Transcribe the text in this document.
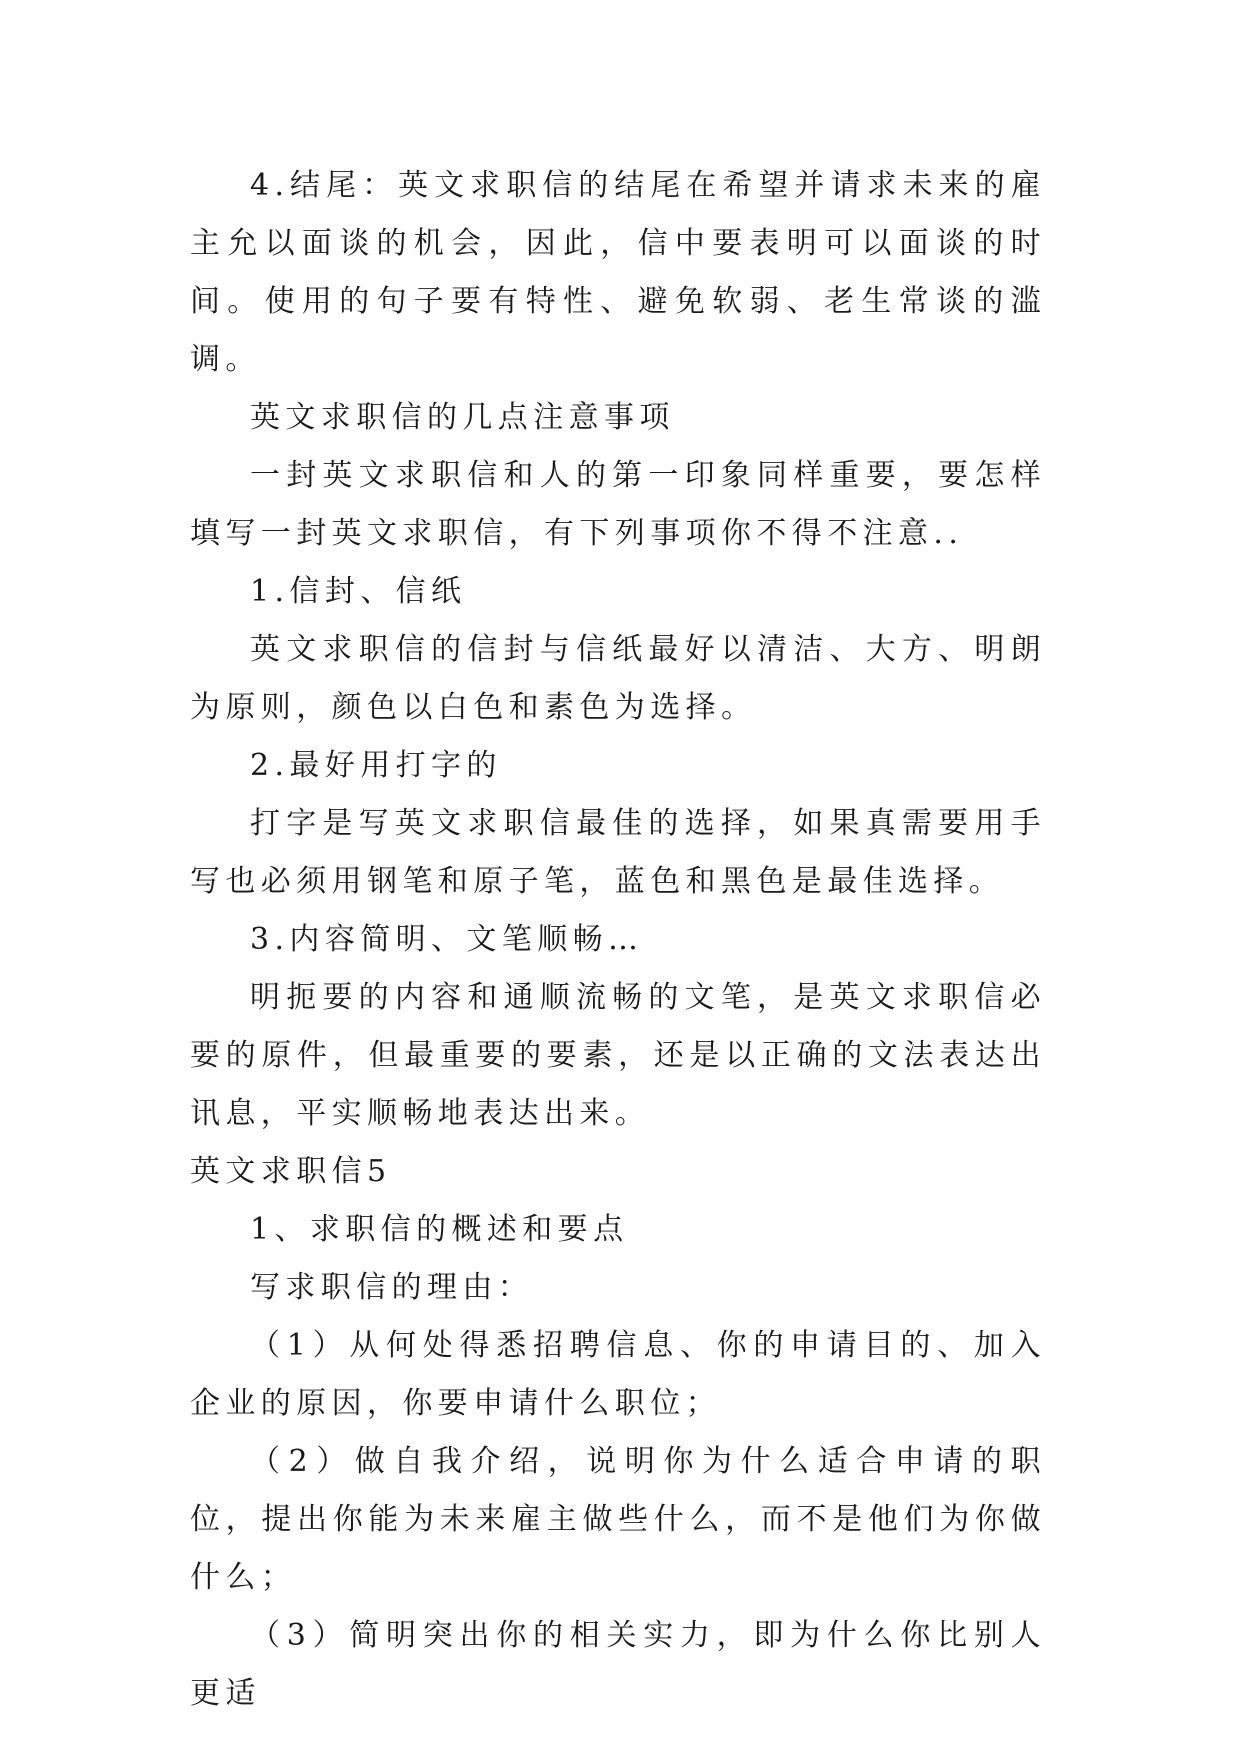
4.结尾：英文求职信的结尾在希望并请求未来的雇主允以面谈的机会，因此，信中要表明可以面谈的时间。使用的句子要有特性、避免软弱、老生常谈的滥调。

英文求职信的几点注意事项

一封英文求职信和人的第一印象同样重要，要怎样填写一封英文求职信，有下列事项你不得不注意..

1.信封、信纸

英文求职信的信封与信纸最好以清洁、大方、明朗为原则，颜色以白色和素色为选择。

2.最好用打字的

打字是写英文求职信最佳的选择，如果真需要用手写也必须用钢笔和原子笔，蓝色和黑色是最佳选择。

3.内容简明、文笔顺畅…

明扼要的内容和通顺流畅的文笔，是英文求职信必要的原件，但最重要的要素，还是以正确的文法表达出讯息，平实顺畅地表达出来。

英文求职信5

1、求职信的概述和要点

写求职信的理由：

（1）从何处得悉招聘信息、你的申请目的、加入企业的原因，你要申请什么职位；

（2）做自我介绍，说明你为什么适合申请的职位，提出你能为未来雇主做些什么，而不是他们为你做什么；

（3）简明突出你的相关实力，即为什么你比别人更适
